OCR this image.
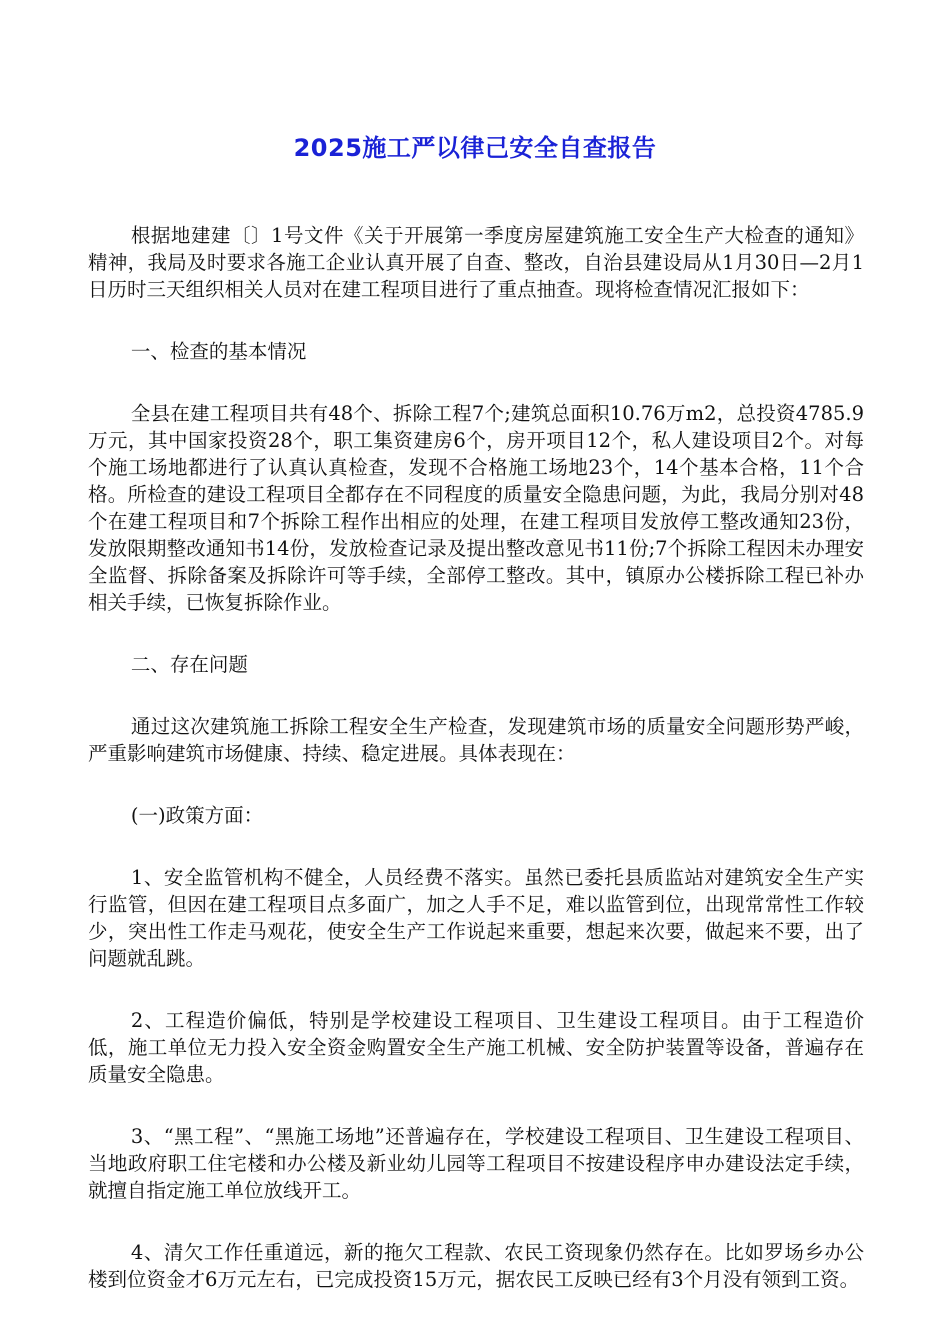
2025施工严以律己安全自查报告

根据地建建〔〕1号文件《关于开展第一季度房屋建筑施工安全生产大检查的通知》精神，我局及时要求各施工企业认真开展了自查、整改，自治县建设局从1月30日—2月1日历时三天组织相关人员对在建工程项目进行了重点抽查。现将检查情况汇报如下：

一、检查的基本情况

全县在建工程项目共有48个、拆除工程7个;建筑总面积10.76万m2，总投资4785.9万元，其中国家投资28个，职工集资建房6个，房开项目12个，私人建设项目2个。对每个施工场地都进行了认真认真检查，发现不合格施工场地23个，14个基本合格，11个合格。所检查的建设工程项目全都存在不同程度的质量安全隐患问题，为此，我局分别对48个在建工程项目和7个拆除工程作出相应的处理，在建工程项目发放停工整改通知23份，发放限期整改通知书14份，发放检查记录及提出整改意见书11份;7个拆除工程因未办理安全监督、拆除备案及拆除许可等手续，全部停工整改。其中，镇原办公楼拆除工程已补办相关手续，已恢复拆除作业。

二、存在问题

通过这次建筑施工拆除工程安全生产检查，发现建筑市场的质量安全问题形势严峻，严重影响建筑市场健康、持续、稳定进展。具体表现在：

(一)政策方面：

1、安全监管机构不健全，人员经费不落实。虽然已委托县质监站对建筑安全生产实行监管，但因在建工程项目点多面广，加之人手不足，难以监管到位，出现常常性工作较少，突出性工作走马观花，使安全生产工作说起来重要，想起来次要，做起来不要，出了问题就乱跳。

2、工程造价偏低，特别是学校建设工程项目、卫生建设工程项目。由于工程造价低，施工单位无力投入安全资金购置安全生产施工机械、安全防护装置等设备，普遍存在质量安全隐患。

3、“黑工程”、“黑施工场地”还普遍存在，学校建设工程项目、卫生建设工程项目、当地政府职工住宅楼和办公楼及新业幼儿园等工程项目不按建设程序申办建设法定手续，就擅自指定施工单位放线开工。

4、清欠工作任重道远，新的拖欠工程款、农民工资现象仍然存在。比如罗场乡办公楼到位资金才6万元左右，已完成投资15万元，据农民工反映已经有3个月没有领到工资。
